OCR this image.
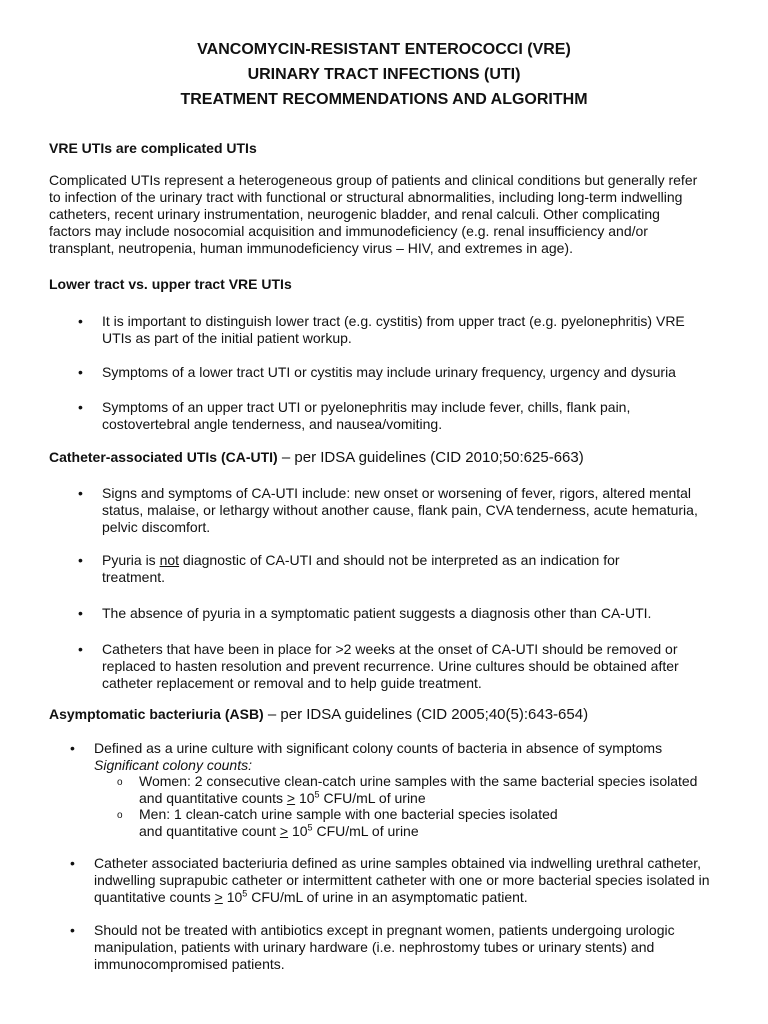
VANCOMYCIN-RESISTANT ENTEROCOCCI (VRE)
URINARY TRACT INFECTIONS (UTI)
TREATMENT RECOMMENDATIONS AND ALGORITHM
VRE UTIs are complicated UTIs
Complicated UTIs represent a heterogeneous group of patients and clinical conditions but generally refer
to infection of the urinary tract with functional or structural abnormalities, including long-term indwelling
catheters, recent urinary instrumentation, neurogenic bladder, and renal calculi. Other complicating
factors may include nosocomial acquisition and immunodeficiency (e.g. renal insufficiency and/or
transplant, neutropenia, human immunodeficiency virus – HIV, and extremes in age).
Lower tract vs. upper tract VRE UTIs
• It is important to distinguish lower tract (e.g. cystitis) from upper tract (e.g. pyelonephritis) VRE
UTIs as part of the initial patient workup.
• Symptoms of a lower tract UTI or cystitis may include urinary frequency, urgency and dysuria
• Symptoms of an upper tract UTI or pyelonephritis may include fever, chills, flank pain,
costovertebral angle tenderness, and nausea/vomiting.
Catheter-associated UTIs (CA-UTI) – per IDSA guidelines (CID 2010;50:625-663)
• Signs and symptoms of CA-UTI include: new onset or worsening of fever, rigors, altered mental
status, malaise, or lethargy without another cause, flank pain, CVA tenderness, acute hematuria,
pelvic discomfort.
• Pyuria is not diagnostic of CA-UTI and should not be interpreted as an indication for
treatment.
• The absence of pyuria in a symptomatic patient suggests a diagnosis other than CA-UTI.
• Catheters that have been in place for >2 weeks at the onset of CA-UTI should be removed or
replaced to hasten resolution and prevent recurrence. Urine cultures should be obtained after
catheter replacement or removal and to help guide treatment.
Asymptomatic bacteriuria (ASB) – per IDSA guidelines (CID 2005;40(5):643-654)
• Defined as a urine culture with significant colony counts of bacteria in absence of symptoms
Significant colony counts:
o Women: 2 consecutive clean-catch urine samples with the same bacterial species isolated
and quantitative counts > $10^5$ CFU/mL of urine
o Men: 1 clean-catch urine sample with one bacterial species isolated
and quantitative count > $10^5$ CFU/mL of urine
• Catheter associated bacteriuria defined as urine samples obtained via indwelling urethral catheter,
indwelling suprapubic catheter or intermittent catheter with one or more bacterial species isolated in
quantitative counts > $10^5$ CFU/mL of urine in an asymptomatic patient.
• Should not be treated with antibiotics except in pregnant women, patients undergoing urologic
manipulation, patients with urinary hardware (i.e. nephrostomy tubes or urinary stents) and
immunocompromised patients.
